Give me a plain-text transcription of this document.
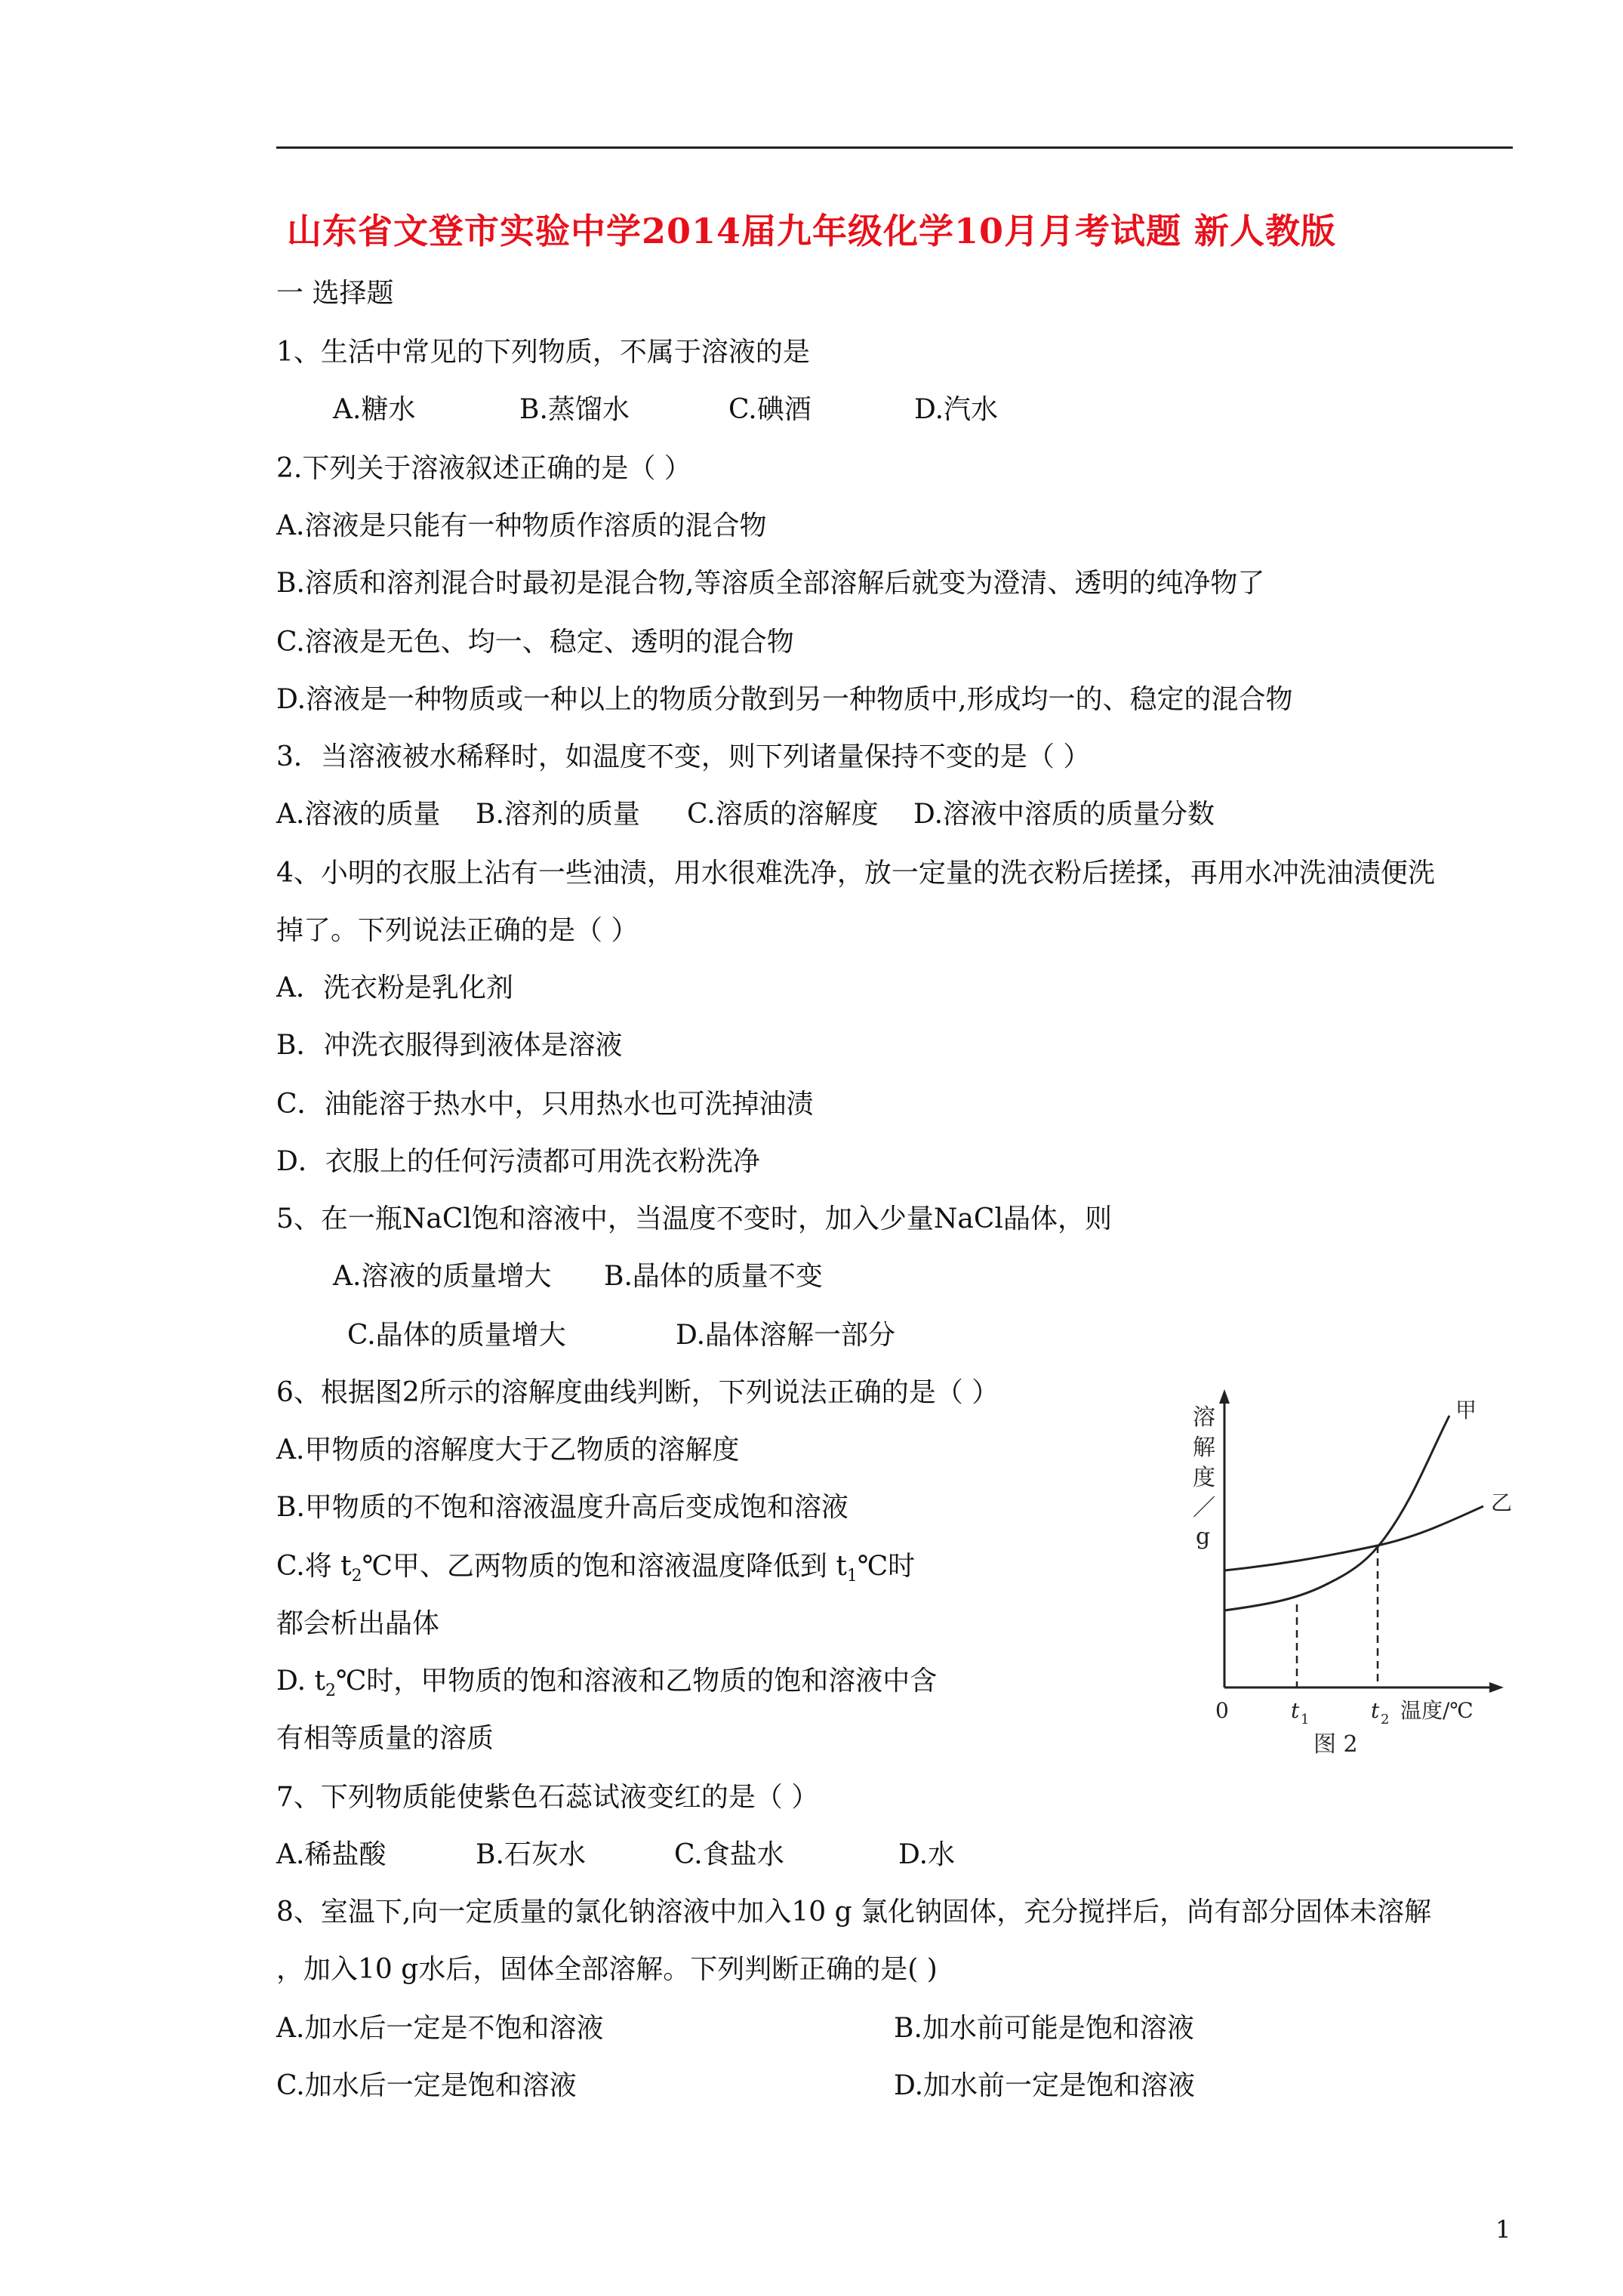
山东省文登市实验中学2014届九年级化学10月月考试题 新人教版
一 选择题
1、生活中常见的下列物质，不属于溶液的是
A.糖水	B.蒸馏水	C.碘酒	D.汽水
2.下列关于溶液叙述正确的是（ ）
A.溶液是只能有一种物质作溶质的混合物
B.溶质和溶剂混合时最初是混合物,等溶质全部溶解后就变为澄清、透明的纯净物了
C.溶液是无色、均一、稳定、透明的混合物
D.溶液是一种物质或一种以上的物质分散到另一种物质中,形成均一的、稳定的混合物
3．当溶液被水稀释时，如温度不变，则下列诸量保持不变的是（ ）
A.溶液的质量 B.溶剂的质量 C.溶质的溶解度 D.溶液中溶质的质量分数
4、小明的衣服上沾有一些油渍，用水很难洗净，放一定量的洗衣粉后搓揉，再用水冲洗油渍便洗
掉了。下列说法正确的是（ ）
A．洗衣粉是乳化剂
B．冲洗衣服得到液体是溶液
C．油能溶于热水中，只用热水也可洗掉油渍
D．衣服上的任何污渍都可用洗衣粉洗净
5、在一瓶NaCl饱和溶液中，当温度不变时，加入少量NaCl晶体，则
A.溶液的质量增大 B.晶体的质量不变
C.晶体的质量增大	D.晶体溶解一部分
6、根据图2所示的溶解度曲线判断，下列说法正确的是（ ）
A.甲物质的溶解度大于乙物质的溶解度
B.甲物质的不饱和溶液温度升高后变成饱和溶液
C.将 $t_2℃$甲、乙两物质的饱和溶液温度降低到 $t_1℃$时
都会析出晶体
D. $t_2℃$时，甲物质的饱和溶液和乙物质的饱和溶液中含
有相等质量的溶质
溶
解
度
／
g
甲
乙
0	t 1	t 2 温度/℃
图 2
7、下列物质能使紫色石蕊试液变红的是（ ）
A.稀盐酸	B.石灰水	C.食盐水	D.水
8、室温下,向一定质量的氯化钠溶液中加入10 g 氯化钠固体，充分搅拌后，尚有部分固体未溶解
，加入10 g水后，固体全部溶解。下列判断正确的是( )
A.加水后一定是不饱和溶液	B.加水前可能是饱和溶液
C.加水后一定是饱和溶液	D.加水前一定是饱和溶液
1
